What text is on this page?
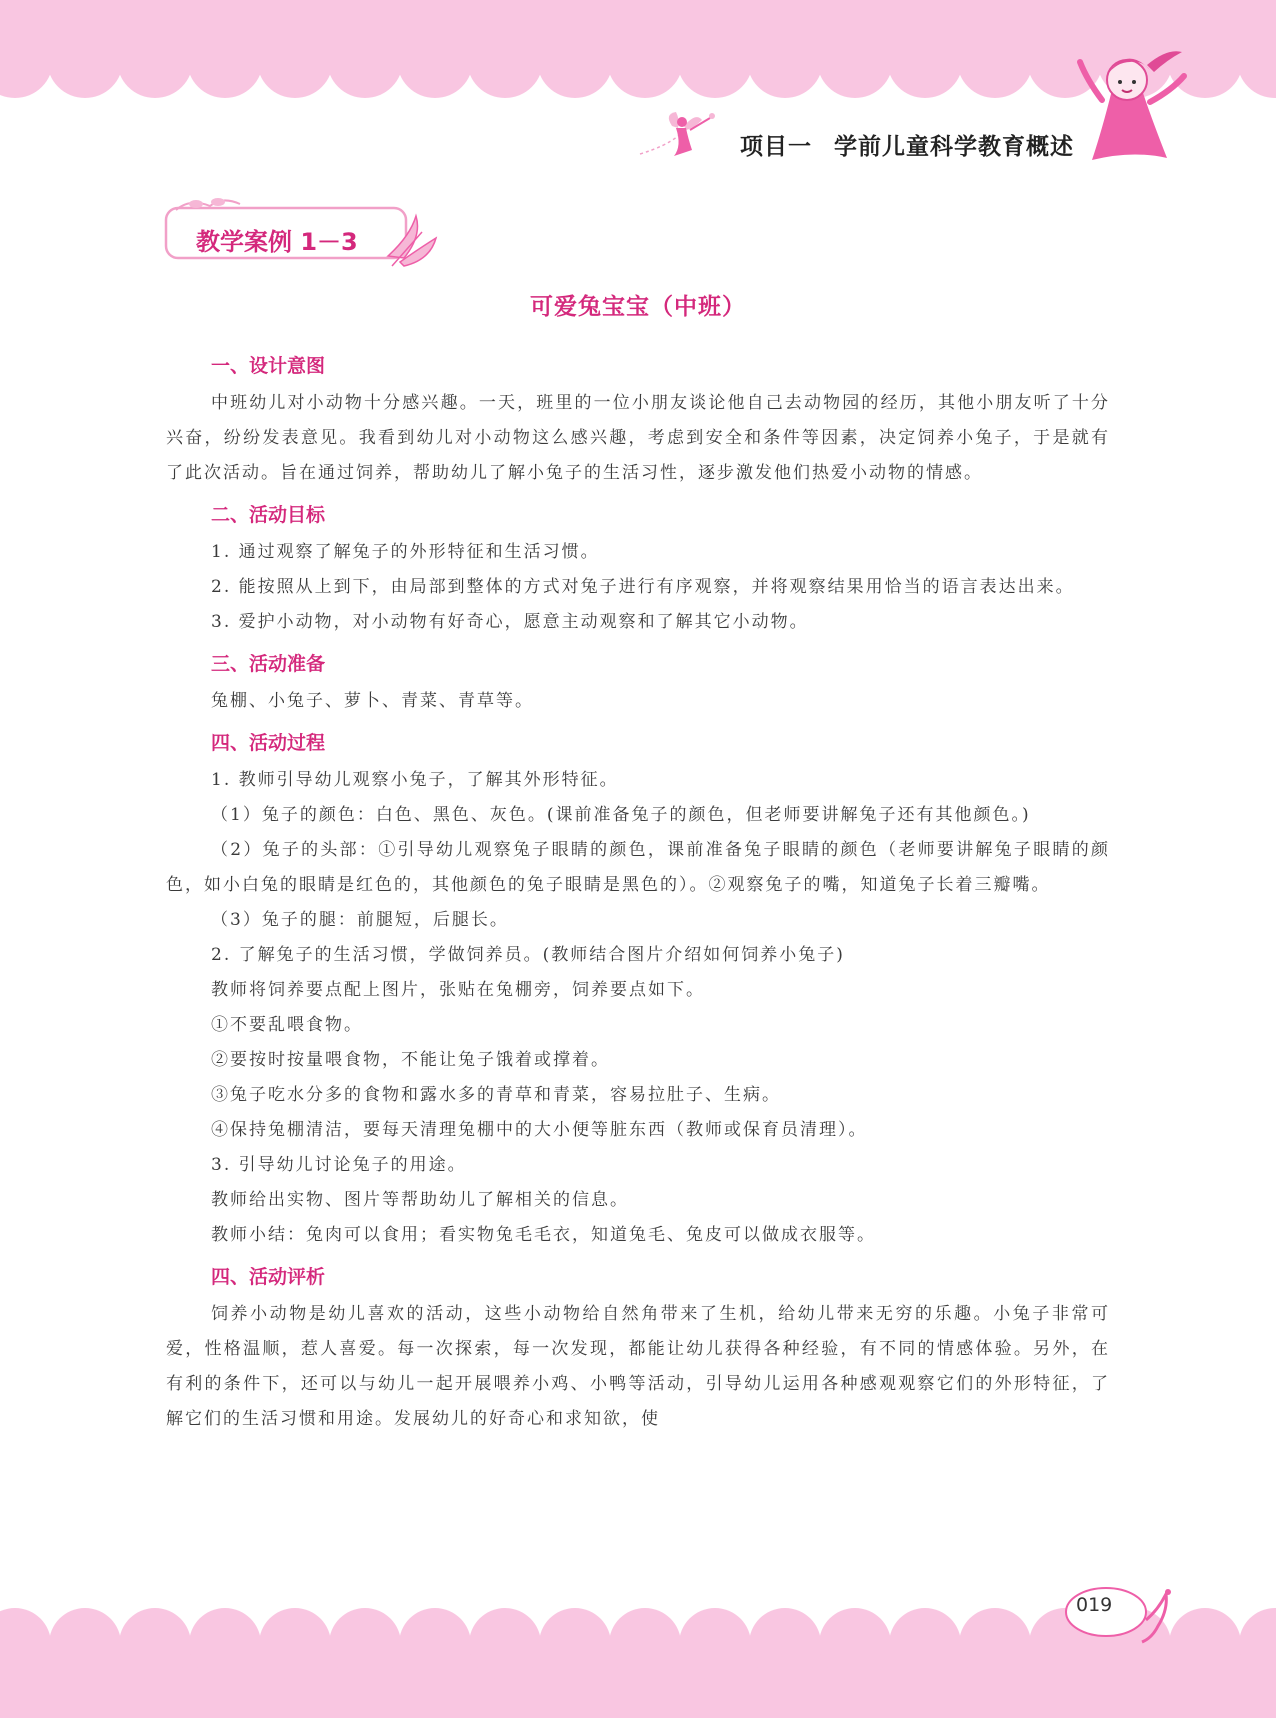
项目一 学前儿童科学教育概述
教学案例 1－3
可爱兔宝宝（中班）
一、设计意图

中班幼儿对小动物十分感兴趣。一天，班里的一位小朋友谈论他自己去动物园的经历，其他小朋友听了十分兴奋，纷纷发表意见。我看到幼儿对小动物这么感兴趣，考虑到安全和条件等因素，决定饲养小兔子，于是就有了此次活动。旨在通过饲养，帮助幼儿了解小兔子的生活习性，逐步激发他们热爱小动物的情感。

二、活动目标

1. 通过观察了解兔子的外形特征和生活习惯。

2. 能按照从上到下，由局部到整体的方式对兔子进行有序观察，并将观察结果用恰当的语言表达出来。

3. 爱护小动物，对小动物有好奇心，愿意主动观察和了解其它小动物。

三、活动准备

兔棚、小兔子、萝卜、青菜、青草等。

四、活动过程

1. 教师引导幼儿观察小兔子，了解其外形特征。

（1）兔子的颜色：白色、黑色、灰色。(课前准备兔子的颜色，但老师要讲解兔子还有其他颜色。)

（2）兔子的头部：①引导幼儿观察兔子眼睛的颜色，课前准备兔子眼睛的颜色（老师要讲解兔子眼睛的颜色，如小白兔的眼睛是红色的，其他颜色的兔子眼睛是黑色的）。②观察兔子的嘴，知道兔子长着三瓣嘴。

（3）兔子的腿：前腿短，后腿长。

2. 了解兔子的生活习惯，学做饲养员。(教师结合图片介绍如何饲养小兔子)

教师将饲养要点配上图片，张贴在兔棚旁，饲养要点如下。

①不要乱喂食物。

②要按时按量喂食物，不能让兔子饿着或撑着。

③兔子吃水分多的食物和露水多的青草和青菜，容易拉肚子、生病。

④保持兔棚清洁，要每天清理兔棚中的大小便等脏东西（教师或保育员清理）。

3. 引导幼儿讨论兔子的用途。

教师给出实物、图片等帮助幼儿了解相关的信息。

教师小结：兔肉可以食用；看实物兔毛毛衣，知道兔毛、兔皮可以做成衣服等。

四、活动评析

饲养小动物是幼儿喜欢的活动，这些小动物给自然角带来了生机，给幼儿带来无穷的乐趣。小兔子非常可爱，性格温顺，惹人喜爱。每一次探索，每一次发现，都能让幼儿获得各种经验，有不同的情感体验。另外，在有利的条件下，还可以与幼儿一起开展喂养小鸡、小鸭等活动，引导幼儿运用各种感观观察它们的外形特征，了解它们的生活习惯和用途。发展幼儿的好奇心和求知欲，使

019
